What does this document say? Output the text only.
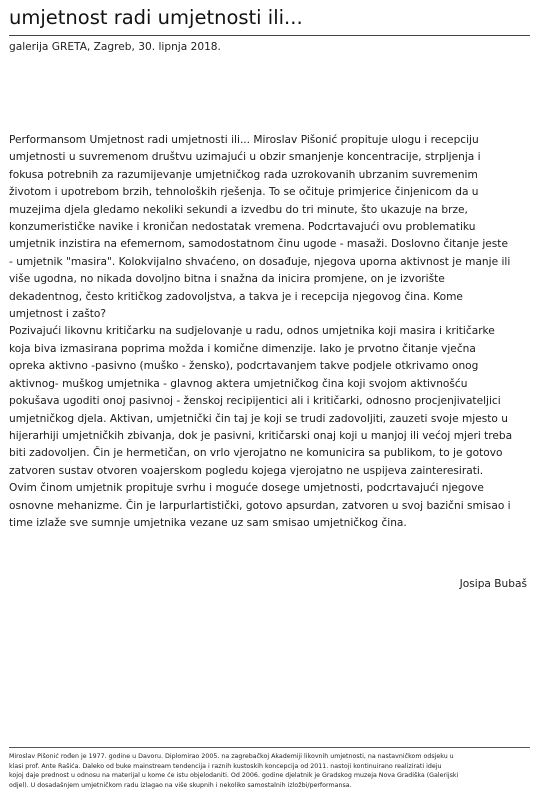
umjetnost radi umjetnosti ili...
galerija GRETA, Zagreb, 30. lipnja 2018.
Performansom Umjetnost radi umjetnosti ili... Miroslav Pišonić propituje ulogu i recepciju
umjetnosti u suvremenom društvu uzimajući u obzir smanjenje koncentracije, strpljenja i
fokusa potrebnih za razumijevanje umjetničkog rada uzrokovanih ubrzanim suvremenim
životom i upotrebom brzih, tehnoloških rješenja. To se očituje primjerice činjenicom da u
muzejima djela gledamo nekoliki sekundi a izvedbu do tri minute, što ukazuje na brze,
konzumerističke navike i kroničan nedostatak vremena. Podcrtavajući ovu problematiku
umjetnik inzistira na efemernom, samodostatnom činu ugode - masaži. Doslovno čitanje jeste
- umjetnik "masira". Kolokvijalno shvaćeno, on dosađuje, njegova uporna aktivnost je manje ili
više ugodna, no nikada dovoljno bitna i snažna da inicira promjene, on je izvorište
dekadentnog, često kritičkog zadovoljstva, a takva je i recepcija njegovog čina. Kome
umjetnost i zašto?
Pozivajući likovnu kritičarku na sudjelovanje u radu, odnos umjetnika koji masira i kritičarke
koja biva izmasirana poprima možda i komične dimenzije. Iako je prvotno čitanje vječna
opreka aktivno -pasivno (muško - žensko), podcrtavanjem takve podjele otkrivamo onog
aktivnog- muškog umjetnika - glavnog aktera umjetničkog čina koji svojom aktivnošću
pokušava ugoditi onoj pasivnoj - ženskoj recipijentici ali i kritičarki, odnosno procjenjivateljici
umjetničkog djela. Aktivan, umjetnički čin taj je koji se trudi zadovoljiti, zauzeti svoje mjesto u
hijerarhiji umjetničkih zbivanja, dok je pasivni, kritičarski onaj koji u manjoj ili većoj mjeri treba
biti zadovoljen. Čin je hermetičan, on vrlo vjerojatno ne komunicira sa publikom, to je gotovo
zatvoren sustav otvoren voajerskom pogledu kojega vjerojatno ne uspijeva zainteresirati.
Ovim činom umjetnik propituje svrhu i moguće dosege umjetnosti, podcrtavajući njegove
osnovne mehanizme. Čin je larpurlartistički, gotovo apsurdan, zatvoren u svoj bazični smisao i
time izlaže sve sumnje umjetnika vezane uz sam smisao umjetničkog čina.
Josipa Bubaš
Miroslav Pišonić rođen je 1977. godine u Davoru. Diplomirao 2005. na zagrebačkoj Akademiji likovnih umjetnosti, na nastavničkom odsjeku u
klasi prof. Ante Rašića. Daleko od buke mainstream tendencija i raznih kustoskih koncepcija od 2011. nastoji kontinuirano realizirati ideju
kojoj daje prednost u odnosu na materijal u kome će istu objelodaniti. Od 2006. godine djelatnik je Gradskog muzeja Nova Gradiška (Galerijski
odjel). U dosadašnjem umjetničkom radu izlagao na više skupnih i nekoliko samostalnih izložbi/performansa.
